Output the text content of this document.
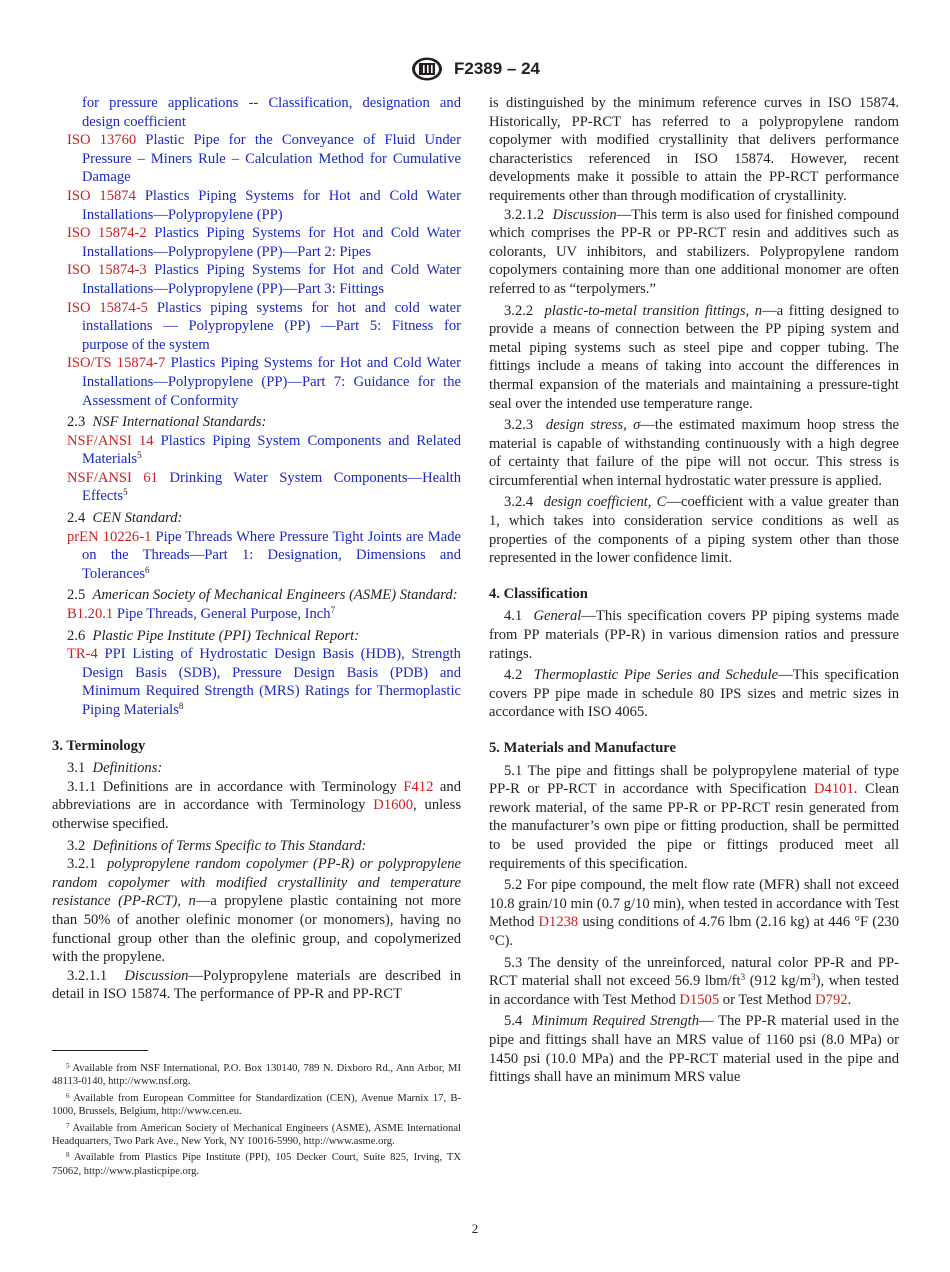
F2389 – 24

for pressure applications -- Classification, designation and design coefficient

ISO 13760 Plastic Pipe for the Conveyance of Fluid Under Pressure – Miners Rule – Calculation Method for Cumulative Damage

ISO 15874 Plastics Piping Systems for Hot and Cold Water Installations—Polypropylene (PP)

ISO 15874-2 Plastics Piping Systems for Hot and Cold Water Installations—Polypropylene (PP)—Part 2: Pipes

ISO 15874-3 Plastics Piping Systems for Hot and Cold Water Installations—Polypropylene (PP)—Part 3: Fittings

ISO 15874-5 Plastics piping systems for hot and cold water installations — Polypropylene (PP) —Part 5: Fitness for purpose of the system

ISO/TS 15874-7 Plastics Piping Systems for Hot and Cold Water Installations—Polypropylene (PP)—Part 7: Guidance for the Assessment of Conformity

2.3 NSF International Standards:

NSF/ANSI 14 Plastics Piping System Components and Related Materials$^5$

NSF/ANSI 61 Drinking Water System Components—Health Effects$^5$

2.4 CEN Standard:

prEN 10226-1 Pipe Threads Where Pressure Tight Joints are Made on the Threads—Part 1: Designation, Dimensions and Tolerances$^6$

2.5 American Society of Mechanical Engineers (ASME) Standard:

B1.20.1 Pipe Threads, General Purpose, Inch$^7$

2.6 Plastic Pipe Institute (PPI) Technical Report:

TR-4 PPI Listing of Hydrostatic Design Basis (HDB), Strength Design Basis (SDB), Pressure Design Basis (PDB) and Minimum Required Strength (MRS) Ratings for Thermoplastic Piping Materials$^8$

3. Terminology

3.1 Definitions:

3.1.1 Definitions are in accordance with Terminology F412 and abbreviations are in accordance with Terminology D1600, unless otherwise specified.

3.2 Definitions of Terms Specific to This Standard:

3.2.1 polypropylene random copolymer (PP-R) or polypropylene random copolymer with modified crystallinity and temperature resistance (PP-RCT), n—a propylene plastic containing not more than 50% of another olefinic monomer (or monomers), having no functional group other than the olefinic group, and copolymerized with the propylene.

3.2.1.1 Discussion—Polypropylene materials are described in detail in ISO 15874. The performance of PP-R and PP-RCT

$^5$ Available from NSF International, P.O. Box 130140, 789 N. Dixboro Rd., Ann Arbor, MI 48113-0140, http://www.nsf.org.

$^6$ Available from European Committee for Standardization (CEN), Avenue Marnix 17, B-1000, Brussels, Belgium, http://www.cen.eu.

$^7$ Available from American Society of Mechanical Engineers (ASME), ASME International Headquarters, Two Park Ave., New York, NY 10016-5990, http://www.asme.org.

$^8$ Available from Plastics Pipe Institute (PPI), 105 Decker Court, Suite 825, Irving, TX 75062, http://www.plasticpipe.org.

is distinguished by the minimum reference curves in ISO 15874. Historically, PP-RCT has referred to a polypropylene random copolymer with modified crystallinity that delivers performance characteristics referenced in ISO 15874. However, recent developments make it possible to attain the PP-RCT performance requirements other than through modification of crystallinity.

3.2.1.2 Discussion—This term is also used for finished compound which comprises the PP-R or PP-RCT resin and additives such as colorants, UV inhibitors, and stabilizers. Polypropylene random copolymers containing more than one additional monomer are often referred to as “terpolymers.”

3.2.2 plastic-to-metal transition fittings, n—a fitting designed to provide a means of connection between the PP piping system and metal piping systems such as steel pipe and copper tubing. The fittings include a means of taking into account the differences in thermal expansion of the materials and maintaining a pressure-tight seal over the intended use temperature range.

3.2.3 design stress, σ—the estimated maximum hoop stress the material is capable of withstanding continuously with a high degree of certainty that failure of the pipe will not occur. This stress is circumferential when internal hydrostatic water pressure is applied.

3.2.4 design coefficient, C—coefficient with a value greater than 1, which takes into consideration service conditions as well as properties of the components of a piping system other than those represented in the lower confidence limit.

4. Classification

4.1 General—This specification covers PP piping systems made from PP materials (PP-R) in various dimension ratios and pressure ratings.

4.2 Thermoplastic Pipe Series and Schedule—This specification covers PP pipe made in schedule 80 IPS sizes and metric sizes in accordance with ISO 4065.

5. Materials and Manufacture

5.1 The pipe and fittings shall be polypropylene material of type PP-R or PP-RCT in accordance with Specification D4101. Clean rework material, of the same PP-R or PP-RCT resin generated from the manufacturer’s own pipe or fitting production, shall be permitted to be used provided the pipe or fittings produced meet all requirements of this specification.

5.2 For pipe compound, the melt flow rate (MFR) shall not exceed 10.8 grain/10 min (0.7 g/10 min), when tested in accordance with Test Method D1238 using conditions of 4.76 lbm (2.16 kg) at 446 °F (230 °C).

5.3 The density of the unreinforced, natural color PP-R and PP-RCT material shall not exceed 56.9 lbm/$ft^3$ (912 $kg/m^3$), when tested in accordance with Test Method D1505 or Test Method D792.

5.4 Minimum Required Strength— The PP-R material used in the pipe and fittings shall have an MRS value of 1160 psi (8.0 MPa) or 1450 psi (10.0 MPa) and the PP-RCT material used in the pipe and fittings shall have an minimum MRS value

2
